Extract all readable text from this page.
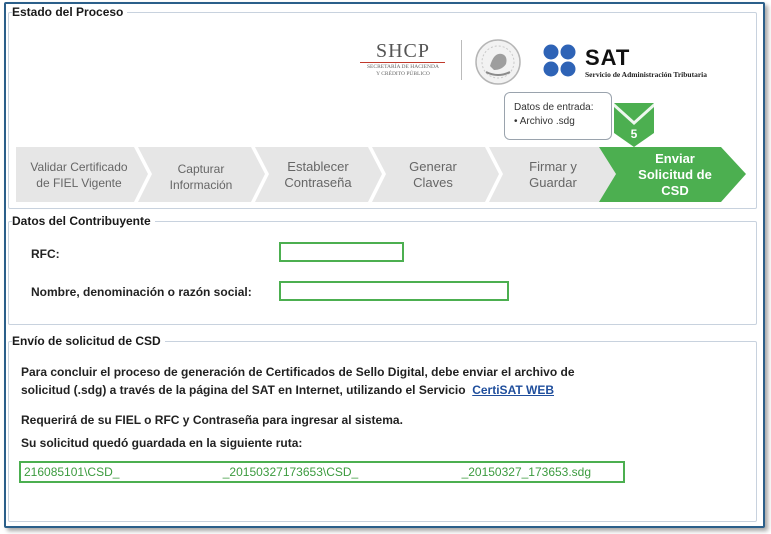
Estado del Proceso
SHCP
SECRETARÍA DE HACIENDA
Y CRÉDITO PÚBLICO
SAT
Servicio de Administración Tributaria
Datos de entrada:
• Archivo .sdg
5
Validar Certificado
de FIEL Vigente
Capturar
Información
Establecer
Contraseña
Generar
Claves
Firmar y
Guardar
Enviar
Solicitud de
CSD
Datos del Contribuyente
RFC:
Nombre, denominación o razón social:
Envío de solicitud de CSD
Para concluir el proceso de generación de Certificados de Sello Digital, debe enviar el archivo de
solicitud (.sdg) a través de la página del SAT en Internet, utilizando el Servicio CertiSAT WEB
Requerirá de su FIEL o RFC y Contraseña para ingresar al sistema.
Su solicitud quedó guardada en la siguiente ruta:
216085101\CSD_                               _20150327173653\CSD_                               _20150327_173653.sdg
